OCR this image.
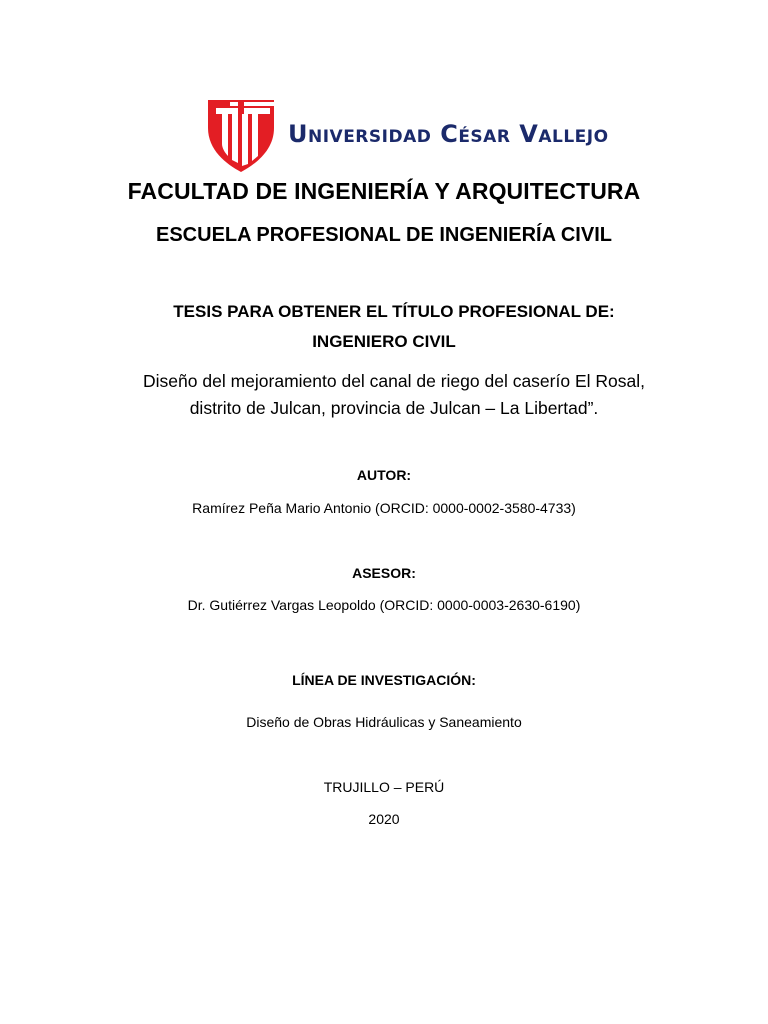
Universidad César Vallejo
FACULTAD DE INGENIERÍA Y ARQUITECTURA
ESCUELA PROFESIONAL DE INGENIERÍA CIVIL
TESIS PARA OBTENER EL TÍTULO PROFESIONAL DE:
INGENIERO CIVIL
Diseño del mejoramiento del canal de riego del caserío El Rosal,
distrito de Julcan, provincia de Julcan – La Libertad”.
AUTOR:
Ramírez Peña Mario Antonio (ORCID: 0000-0002-3580-4733)
ASESOR:
Dr. Gutiérrez Vargas Leopoldo (ORCID: 0000-0003-2630-6190)
LÍNEA DE INVESTIGACIÓN:
Diseño de Obras Hidráulicas y Saneamiento
TRUJILLO – PERÚ
2020
